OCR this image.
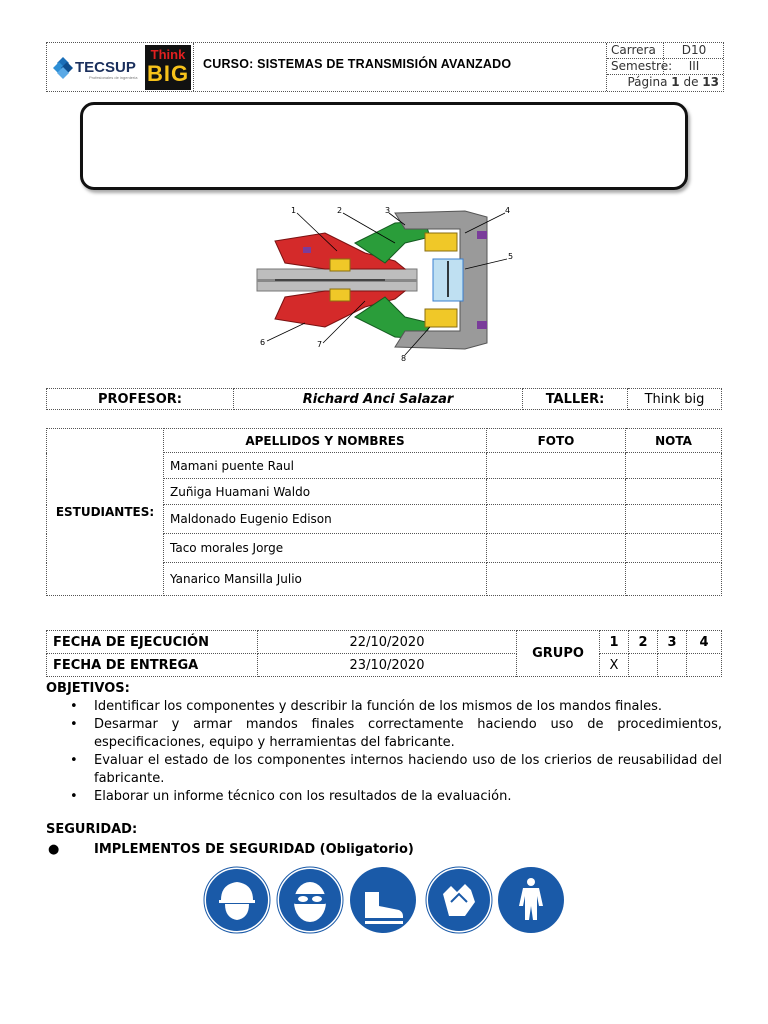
TECSUP
Profesionales de ingeniería
Think
BIG CURSO: SISTEMAS DE TRANSMISIÓN AVANZADO
Carrera	D10
Semestre:	III
Página 1 de 13
1	2	3	4
5
6	7
8
PROFESOR:	Richard Anci Salazar	TALLER:	Think big
ESTUDIANTES:	APELLIDOS Y NOMBRES	FOTO	NOTA
	Mamani puente Raul		
	Zuñiga Huamani Waldo		
	Maldonado Eugenio Edison		
	Taco morales Jorge		
	Yanarico Mansilla Julio		
FECHA DE EJECUCIÓN	22/10/2020	GRUPO	1	2	3	4
FECHA DE ENTREGA	23/10/2020		X			
OBJETIVOS:
• Identificar los componentes y describir la función de los mismos de los mandos finales.
• Desarmar y armar mandos finales correctamente haciendo uso de procedimientos, especificaciones, equipo y herramientas del fabricante.
• Evaluar el estado de los componentes internos haciendo uso de los crierios de reusabilidad del fabricante.
• Elaborar un informe técnico con los resultados de la evaluación.
SEGURIDAD:
●	IMPLEMENTOS DE SEGURIDAD (Obligatorio)
